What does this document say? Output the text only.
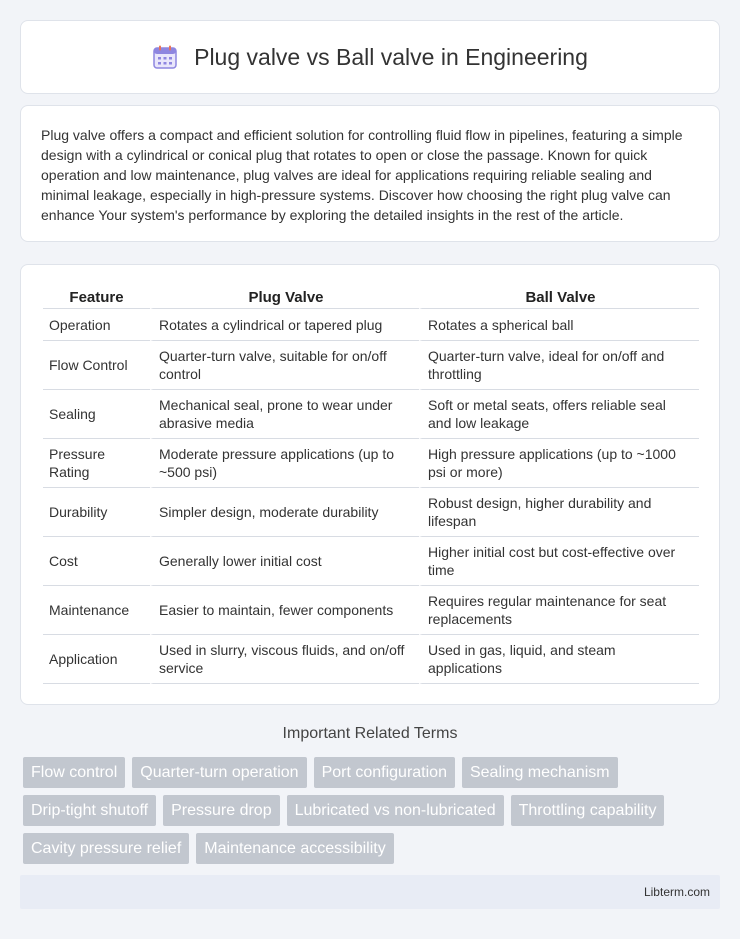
Plug valve vs Ball valve in Engineering

Plug valve offers a compact and efficient solution for controlling fluid flow in pipelines, featuring a simple design with a cylindrical or conical plug that rotates to open or close the passage. Known for quick operation and low maintenance, plug valves are ideal for applications requiring reliable sealing and minimal leakage, especially in high-pressure systems. Discover how choosing the right plug valve can enhance Your system's performance by exploring the detailed insights in the rest of the article.

Feature	Plug Valve	Ball Valve
Operation	Rotates a cylindrical or tapered plug	Rotates a spherical ball
Flow Control	Quarter-turn valve, suitable for on/off control	Quarter-turn valve, ideal for on/off and throttling
Sealing	Mechanical seal, prone to wear under abrasive media	Soft or metal seats, offers reliable seal and low leakage
Pressure Rating	Moderate pressure applications (up to ~500 psi)	High pressure applications (up to ~1000 psi or more)
Durability	Simpler design, moderate durability	Robust design, higher durability and lifespan
Cost	Generally lower initial cost	Higher initial cost but cost-effective over time
Maintenance	Easier to maintain, fewer components	Requires regular maintenance for seat replacements
Application	Used in slurry, viscous fluids, and on/off service	Used in gas, liquid, and steam applications
Important Related Terms
Flow control	Quarter-turn operation	Port configuration	Sealing mechanism
Drip-tight shutoff	Pressure drop	Lubricated vs non-lubricated	Throttling capability
Cavity pressure relief	Maintenance accessibility
Libterm.com
